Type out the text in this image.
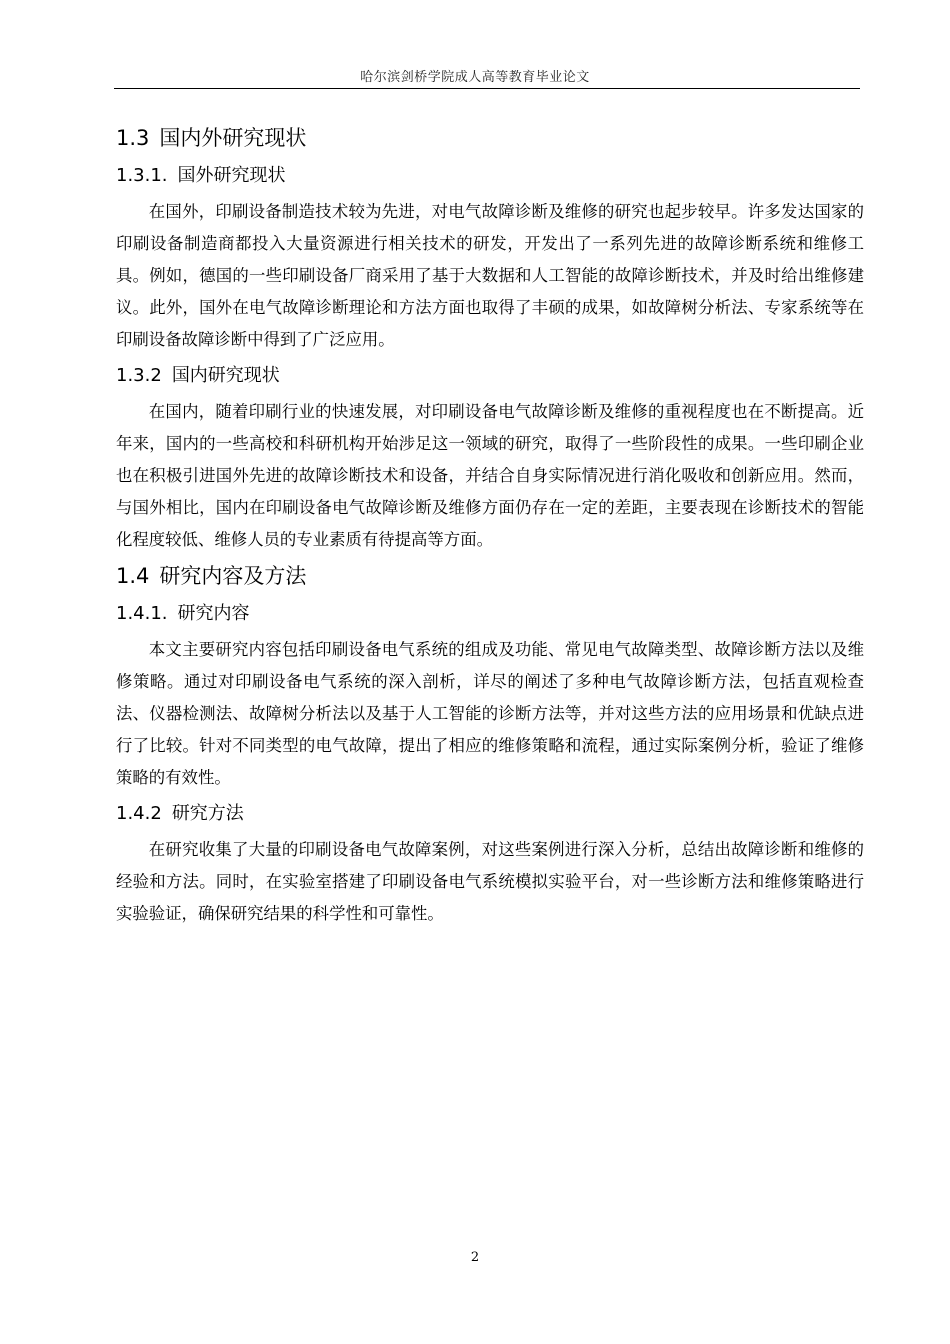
哈尔滨剑桥学院成人高等教育毕业论文
1.3 国内外研究现状
1.3.1. 国外研究现状

在国外，印刷设备制造技术较为先进，对电气故障诊断及维修的研究也起步较早。许多发达国家的印刷设备制造商都投入大量资源进行相关技术的研发，开发出了一系列先进的故障诊断系统和维修工具。例如，德国的一些印刷设备厂商采用了基于大数据和人工智能的故障诊断技术，并及时给出维修建议。此外，国外在电气故障诊断理论和方法方面也取得了丰硕的成果，如故障树分析法、专家系统等在印刷设备故障诊断中得到了广泛应用。

1.3.2 国内研究现状

在国内，随着印刷行业的快速发展，对印刷设备电气故障诊断及维修的重视程度也在不断提高。近年来，国内的一些高校和科研机构开始涉足这一领域的研究，取得了一些阶段性的成果。一些印刷企业也在积极引进国外先进的故障诊断技术和设备，并结合自身实际情况进行消化吸收和创新应用。然而，与国外相比，国内在印刷设备电气故障诊断及维修方面仍存在一定的差距，主要表现在诊断技术的智能化程度较低、维修人员的专业素质有待提高等方面。

1.4 研究内容及方法
1.4.1. 研究内容

本文主要研究内容包括印刷设备电气系统的组成及功能、常见电气故障类型、故障诊断方法以及维修策略。通过对印刷设备电气系统的深入剖析，详尽的阐述了多种电气故障诊断方法，包括直观检查法、仪器检测法、故障树分析法以及基于人工智能的诊断方法等，并对这些方法的应用场景和优缺点进行了比较。针对不同类型的电气故障，提出了相应的维修策略和流程，通过实际案例分析，验证了维修策略的有效性。

1.4.2 研究方法

在研究收集了大量的印刷设备电气故障案例，对这些案例进行深入分析，总结出故障诊断和维修的经验和方法。同时，在实验室搭建了印刷设备电气系统模拟实验平台，对一些诊断方法和维修策略进行实验验证，确保研究结果的科学性和可靠性。

2
